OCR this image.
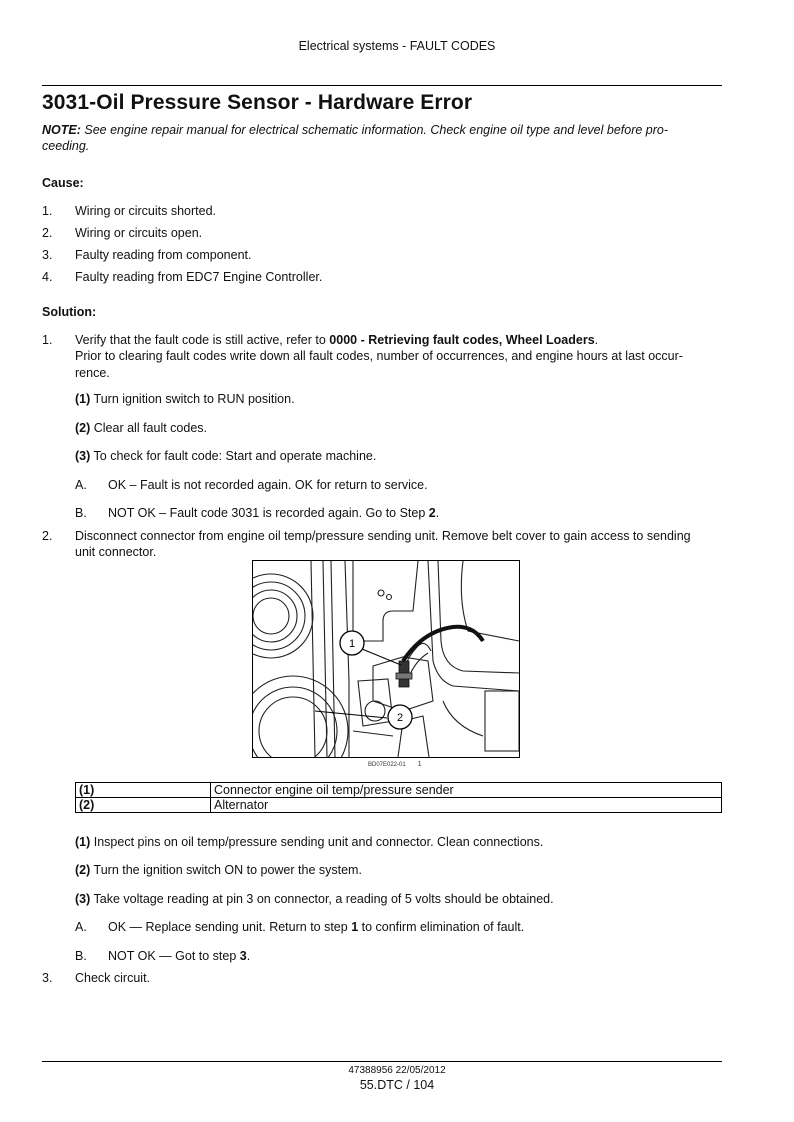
Electrical systems - FAULT CODES
3031-Oil Pressure Sensor - Hardware Error
NOTE: See engine repair manual for electrical schematic information. Check engine oil type and level before pro-
ceeding.
Cause:
1. Wiring or circuits shorted.
2. Wiring or circuits open.
3. Faulty reading from component.
4. Faulty reading from EDC7 Engine Controller.
Solution:
1. Verify that the fault code is still active, refer to 0000 - Retrieving fault codes, Wheel Loaders.
Prior to clearing fault codes write down all fault codes, number of occurrences, and engine hours at last occur-
rence.
(1) Turn ignition switch to RUN position.
(2) Clear all fault codes.
(3) To check for fault code: Start and operate machine.
A. OK – Fault is not recorded again. OK for return to service.
B. NOT OK – Fault code 3031 is recorded again. Go to Step 2.
2. Disconnect connector from engine oil temp/pressure sending unit. Remove belt cover to gain access to sending
unit connector.
1
2
BD07E022-01 1
(1)	Connector engine oil temp/pressure sender
(2)	Alternator
(1) Inspect pins on oil temp/pressure sending unit and connector. Clean connections.
(2) Turn the ignition switch ON to power the system.
(3) Take voltage reading at pin 3 on connector, a reading of 5 volts should be obtained.
A. OK — Replace sending unit. Return to step 1 to confirm elimination of fault.
B. NOT OK — Got to step 3.
3. Check circuit.
47388956 22/05/2012
55.DTC / 104
